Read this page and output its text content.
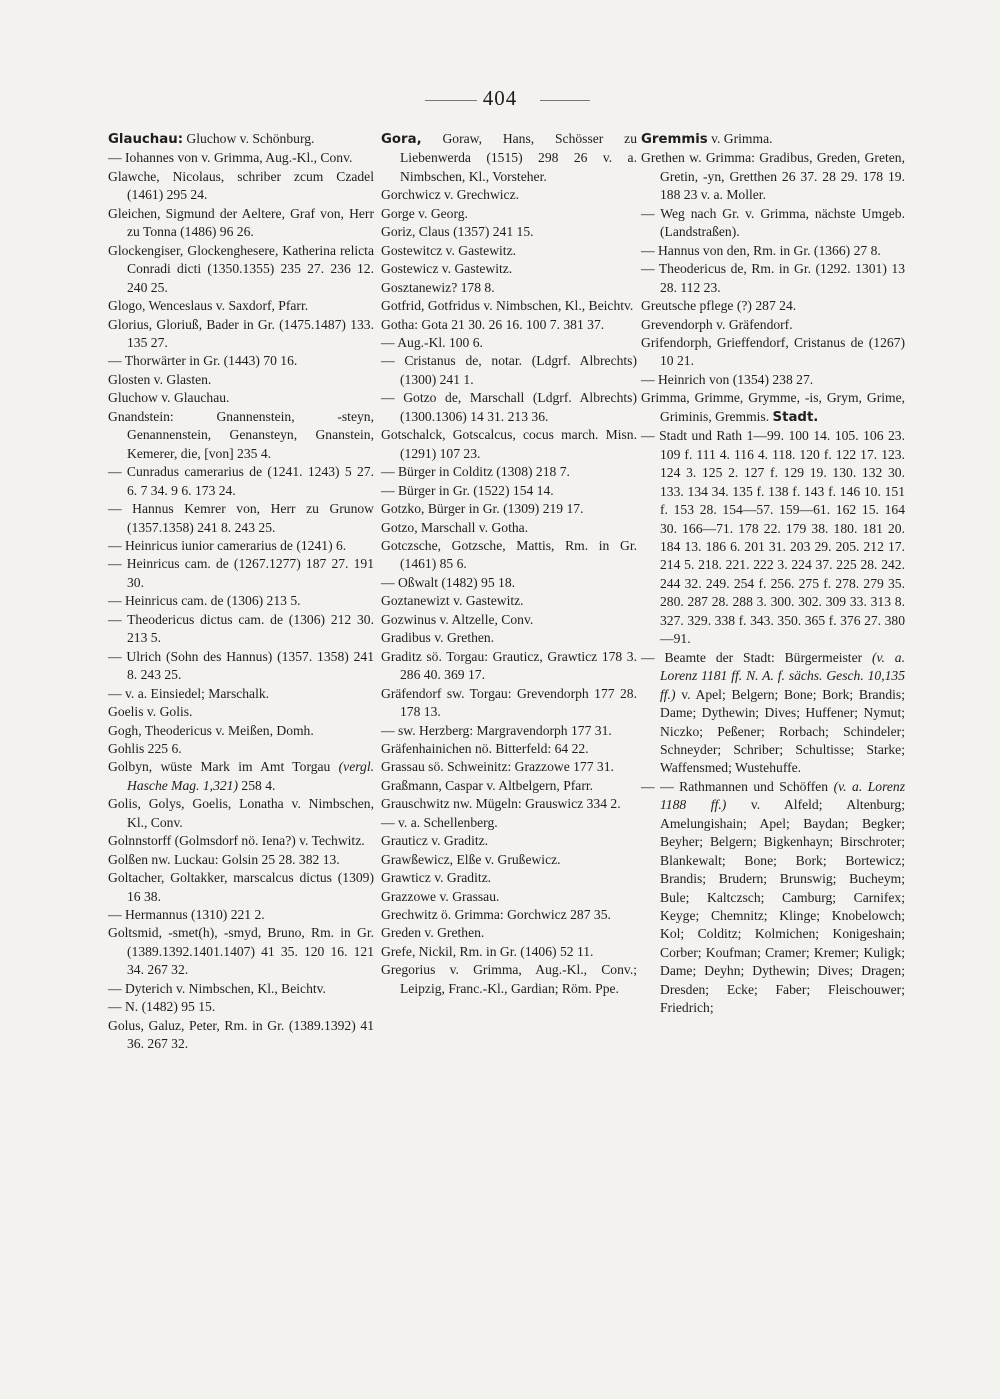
404

Glauchau: Gluchow v. Schönburg.

— Iohannes von v. Grimma, Aug.-Kl., Conv.

Glawche, Nicolaus, schriber zcum Czadel (1461) 295 24.

Gleichen, Sigmund der Aeltere, Graf von, Herr zu Tonna (1486) 96 26.

Glockengiser, Glockenghesere, Katherina relicta Conradi dicti (1350.1355) 235 27. 236 12. 240 25.

Glogo, Wenceslaus v. Saxdorf, Pfarr.

Glorius, Gloriuß, Bader in Gr. (1475.1487) 133. 135 27.

— Thorwärter in Gr. (1443) 70 16.

Glosten v. Glasten.

Gluchow v. Glauchau.

Gnandstein: Gnannenstein, -steyn, Genannenstein, Genansteyn, Gnanstein, Kemerer, die, [von] 235 4.

— Cunradus camerarius de (1241. 1243) 5 27. 6. 7 34. 9 6. 173 24.

— Hannus Kemrer von, Herr zu Grunow (1357.1358) 241 8. 243 25.

— Heinricus iunior camerarius de (1241) 6.

— Heinricus cam. de (1267.1277) 187 27. 191 30.

— Heinricus cam. de (1306) 213 5.

— Theodericus dictus cam. de (1306) 212 30. 213 5.

— Ulrich (Sohn des Hannus) (1357. 1358) 241 8. 243 25.

— v. a. Einsiedel; Marschalk.

Goelis v. Golis.

Gogh, Theodericus v. Meißen, Domh.

Gohlis 225 6.

Golbyn, wüste Mark im Amt Torgau (vergl. Hasche Mag. 1,321) 258 4.

Golis, Golys, Goelis, Lonatha v. Nimbschen, Kl., Conv.

Golnnstorff (Golmsdorf nö. Iena?) v. Techwitz.

Golßen nw. Luckau: Golsin 25 28. 382 13.

Goltacher, Goltakker, marscalcus dictus (1309) 16 38.

— Hermannus (1310) 221 2.

Goltsmid, -smet(h), -smyd, Bruno, Rm. in Gr. (1389.1392.1401.1407) 41 35. 120 16. 121 34. 267 32.

— Dyterich v. Nimbschen, Kl., Beichtv.

— N. (1482) 95 15.

Golus, Galuz, Peter, Rm. in Gr. (1389.1392) 41 36. 267 32.

Gora, Goraw, Hans, Schösser zu Liebenwerda (1515) 298 26 v. a. Nimbschen, Kl., Vorsteher.

Gorchwicz v. Grechwicz.

Gorge v. Georg.

Goriz, Claus (1357) 241 15.

Gostewitcz v. Gastewitz.

Gostewicz v. Gastewitz.

Gosztanewiz? 178 8.

Gotfrid, Gotfridus v. Nimbschen, Kl., Beichtv.

Gotha: Gota 21 30. 26 16. 100 7. 381 37.

— Aug.-Kl. 100 6.

— Cristanus de, notar. (Ldgrf. Albrechts) (1300) 241 1.

— Gotzo de, Marschall (Ldgrf. Albrechts) (1300.1306) 14 31. 213 36.

Gotschalck, Gotscalcus, cocus march. Misn. (1291) 107 23.

— Bürger in Colditz (1308) 218 7.

— Bürger in Gr. (1522) 154 14.

Gotzko, Bürger in Gr. (1309) 219 17.

Gotzo, Marschall v. Gotha.

Gotczsche, Gotzsche, Mattis, Rm. in Gr. (1461) 85 6.

— Oßwalt (1482) 95 18.

Goztanewizt v. Gastewitz.

Gozwinus v. Altzelle, Conv.

Gradibus v. Grethen.

Graditz sö. Torgau: Grauticz, Grawticz 178 3. 286 40. 369 17.

Gräfendorf sw. Torgau: Grevendorph 177 28. 178 13.

— sw. Herzberg: Margravendorph 177 31.

Gräfenhainichen nö. Bitterfeld: 64 22.

Grassau sö. Schweinitz: Grazzowe 177 31.

Graßmann, Caspar v. Altbelgern, Pfarr.

Grauschwitz nw. Mügeln: Grauswicz 334 2.

— v. a. Schellenberg.

Grauticz v. Graditz.

Grawßewicz, Elße v. Grußewicz.

Grawticz v. Graditz.

Grazzowe v. Grassau.

Grechwitz ö. Grimma: Gorchwicz 287 35.

Greden v. Grethen.

Grefe, Nickil, Rm. in Gr. (1406) 52 11.

Gregorius v. Grimma, Aug.-Kl., Conv.; Leipzig, Franc.-Kl., Gardian; Röm. Ppe.

Gremmis v. Grimma.

Grethen w. Grimma: Gradibus, Greden, Greten, Gretin, -yn, Gretthen 26 37. 28 29. 178 19. 188 23 v. a. Moller.

— Weg nach Gr. v. Grimma, nächste Umgeb. (Landstraßen).

— Hannus von den, Rm. in Gr. (1366) 27 8.

— Theodericus de, Rm. in Gr. (1292. 1301) 13 28. 112 23.

Greutsche pflege (?) 287 24.

Grevendorph v. Gräfendorf.

Grifendorph, Grieffendorf, Cristanus de (1267) 10 21.

— Heinrich von (1354) 238 27.

Grimma, Grimme, Grymme, -is, Grym, Grime, Griminis, Gremmis. Stadt.

— Stadt und Rath 1—99. 100 14. 105. 106 23. 109 f. 111 4. 116 4. 118. 120 f. 122 17. 123. 124 3. 125 2. 127 f. 129 19. 130. 132 30. 133. 134 34. 135 f. 138 f. 143 f. 146 10. 151 f. 153 28. 154—57. 159—61. 162 15. 164 30. 166—71. 178 22. 179 38. 180. 181 20. 184 13. 186 6. 201 31. 203 29. 205. 212 17. 214 5. 218. 221. 222 3. 224 37. 225 28. 242. 244 32. 249. 254 f. 256. 275 f. 278. 279 35. 280. 287 28. 288 3. 300. 302. 309 33. 313 8. 327. 329. 338 f. 343. 350. 365 f. 376 27. 380—91.

— Beamte der Stadt: Bürgermeister (v. a. Lorenz 1181 ff. N. A. f. sächs. Gesch. 10,135 ff.) v. Apel; Belgern; Bone; Bork; Brandis; Dame; Dythewin; Dives; Huffener; Nymut; Niczko; Peßener; Rorbach; Schindeler; Schneyder; Schriber; Schultisse; Starke; Waffensmed; Wustehuffe.

— — Rathmannen und Schöffen (v. a. Lorenz 1188 ff.) v. Alfeld; Altenburg; Amelungishain; Apel; Baydan; Begker; Beyher; Belgern; Bigkenhayn; Birschroter; Blankewalt; Bone; Bork; Bortewicz; Brandis; Brudern; Brunswig; Bucheym; Bule; Kaltczsch; Camburg; Carnifex; Keyge; Chemnitz; Klinge; Knobelowch; Kol; Colditz; Kolmichen; Konigeshain; Corber; Koufman; Cramer; Kremer; Kuligk; Dame; Deyhn; Dythewin; Dives; Dragen; Dresden; Ecke; Faber; Fleischouwer; Friedrich;
